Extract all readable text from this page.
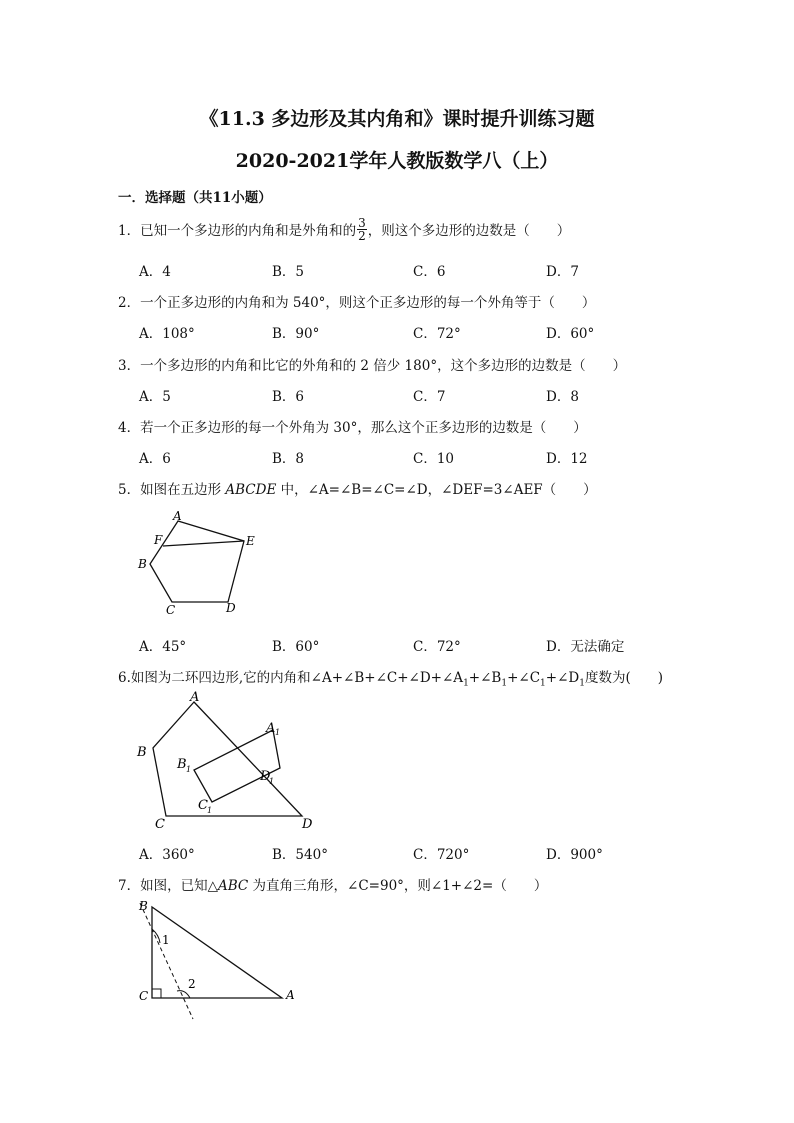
《11.3 多边形及其内角和》课时提升训练习题
2020-2021学年人教版数学八（上）
一．选择题（共11小题）
1．已知一个多边形的内角和是外角和的 $\frac{3}{2}$ ，则这个多边形的边数是（　　）
A．4	B．5	C．6	D．7
2．一个正多边形的内角和为 540°，则这个正多边形的每一个外角等于（　　）
A．108°	B．90°	C．72°	D．60°
3．一个多边形的内角和比它的外角和的 2 倍少 180°，这个多边形的边数是（　　）
A．5	B．6	C．7	D．8
4．若一个正多边形的每一个外角为 30°，那么这个正多边形的边数是（　　）
A．6	B．8	C．10	D．12
5．如图在五边形 ABCDE 中，∠A=∠B=∠C=∠D，∠DEF=3∠AEF（　　）
A
F	E
B
C	D
A．45°	B．60°	C．72°	D．无法确定
6.如图为二环四边形,它的内角和$\angle A+\angle B+\angle C+\angle D+\angle A_1+\angle B_1+\angle C_1+\angle D_1$度数为(　　)
A
B
C	D
A 1
B 1
C 1
D
1
A．360°	B．540°	C．720°	D．900°
7．如图，已知△ABC 为直角三角形，∠C=90°，则∠1+∠2=（　　）
B
1
C
2
A
